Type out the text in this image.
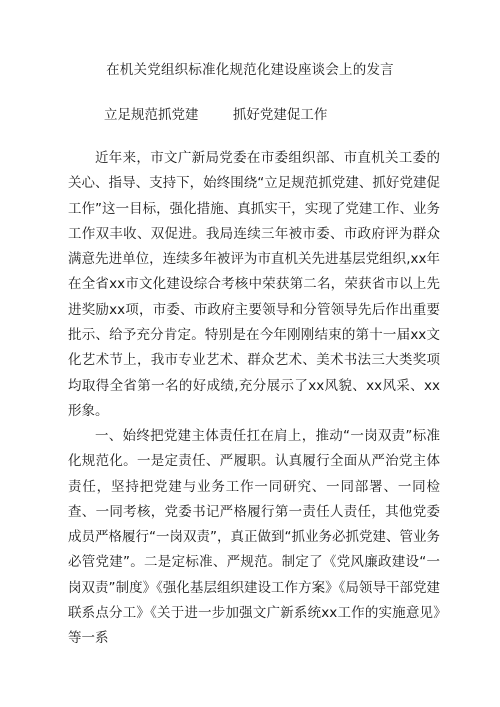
在机关党组织标准化规范化建设座谈会上的发言
立足规范抓党建        抓好党建促工作

近年来，市文广新局党委在市委组织部、市直机关工委的关心、指导、支持下，始终围绕“立足规范抓党建、抓好党建促工作”这一目标，强化措施、真抓实干，实现了党建工作、业务工作双丰收、双促进。我局连续三年被市委、市政府评为群众满意先进单位，连续多年被评为市直机关先进基层党组织,xx年在全省xx市文化建设综合考核中荣获第二名，荣获省市以上先进奖励xx项，市委、市政府主要领导和分管领导先后作出重要批示、给予充分肯定。特别是在今年刚刚结束的第十一届xx文化艺术节上，我市专业艺术、群众艺术、美术书法三大类奖项均取得全省第一名的好成绩,充分展示了xx风貌、xx风采、xx形象。

一、始终把党建主体责任扛在肩上，推动“一岗双责”标准化规范化。一是定责任、严履职。认真履行全面从严治党主体责任，坚持把党建与业务工作一同研究、一同部署、一同检查、一同考核，党委书记严格履行第一责任人责任，其他党委成员严格履行“一岗双责”，真正做到“抓业务必抓党建、管业务必管党建”。二是定标准、严规范。制定了《党风廉政建设“一岗双责”制度》《强化基层组织建设工作方案》《局领导干部党建联系点分工》《关于进一步加强文广新系统xx工作的实施意见》等一系
